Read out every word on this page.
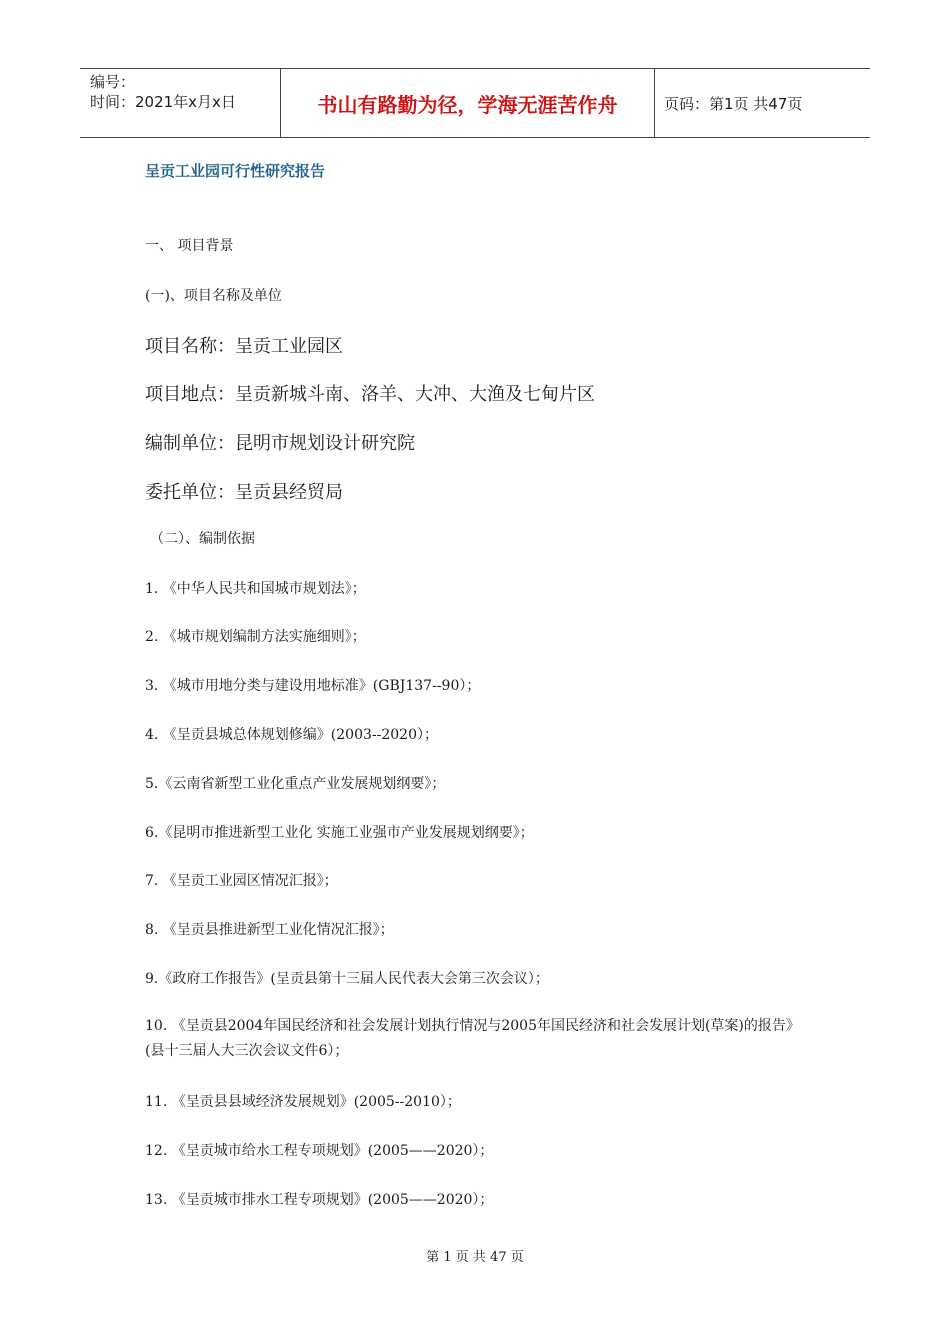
编号：
时间：2021年x月x日	书山有路勤为径，学海无涯苦作舟	页码：第1页 共47页
呈贡工业园可行性研究报告
一、 项目背景
(一)、项目名称及单位
项目名称：呈贡工业园区
项目地点：呈贡新城斗南、洛羊、大冲、大渔及七甸片区
编制单位：昆明市规划设计研究院
委托单位：呈贡县经贸局
（二）、编制依据
1. 《中华人民共和国城市规划法》；
2. 《城市规划编制方法实施细则》；
3. 《城市用地分类与建设用地标准》(GBJ137--90）；
4. 《呈贡县城总体规划修编》(2003--2020）；
5.《云南省新型工业化重点产业发展规划纲要》；
6.《昆明市推进新型工业化 实施工业强市产业发展规划纲要》；
7. 《呈贡工业园区情况汇报》；
8. 《呈贡县推进新型工业化情况汇报》；
9.《政府工作报告》(呈贡县第十三届人民代表大会第三次会议）；
10. 《呈贡县2004年国民经济和社会发展计划执行情况与2005年国民经济和社会发展计划(草案)的报告》(县十三届人大三次会议文件6）；
11. 《呈贡县县域经济发展规划》(2005--2010）；
12. 《呈贡城市给水工程专项规划》(2005——2020）；
13. 《呈贡城市排水工程专项规划》(2005——2020）；
第 1 页 共 47 页
